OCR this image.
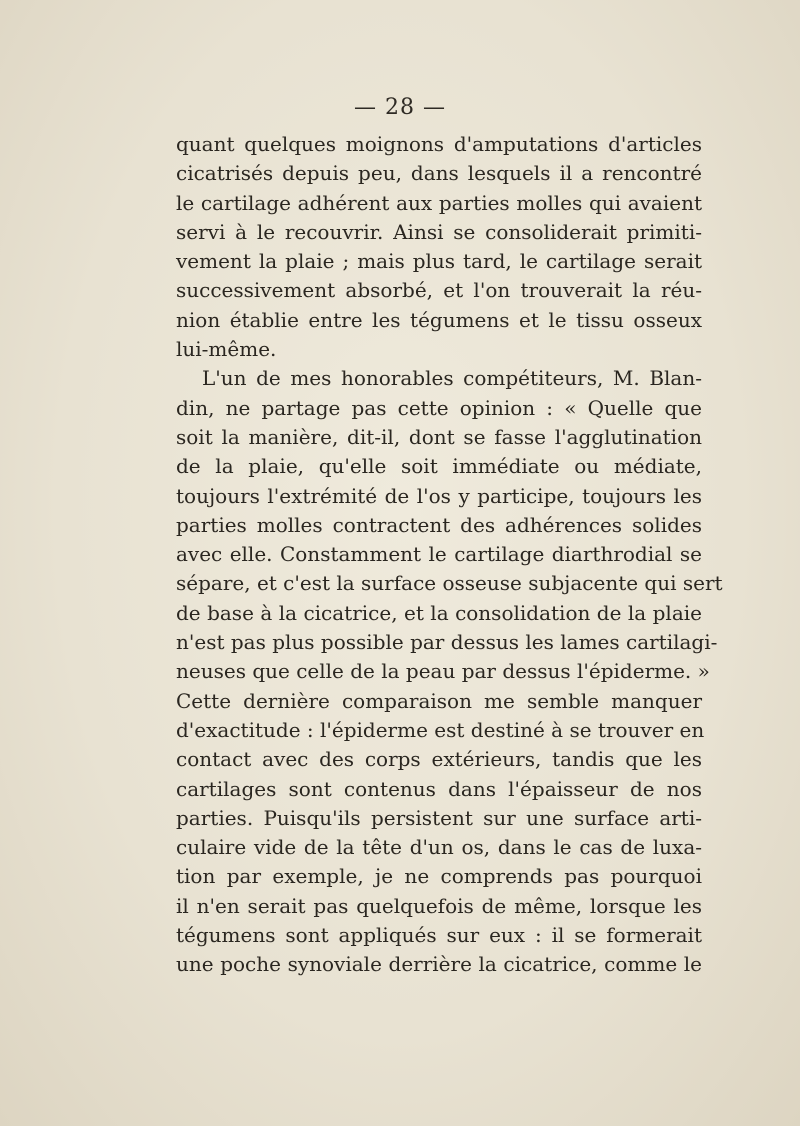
— 28 —
quant quelques moignons d'amputations d'articles
cicatrisés depuis peu, dans lesquels il a rencontré
le cartilage adhérent aux parties molles qui avaient
servi à le recouvrir. Ainsi se consoliderait primiti-
vement la plaie ; mais plus tard, le cartilage serait
successivement absorbé, et l'on trouverait la réu-
nion établie entre les tégumens et le tissu osseux
lui-même.
L'un de mes honorables compétiteurs, M. Blan-
din, ne partage pas cette opinion : « Quelle que
soit la manière, dit-il, dont se fasse l'agglutination
de la plaie, qu'elle soit immédiate ou médiate,
toujours l'extrémité de l'os y participe, toujours les
parties molles contractent des adhérences solides
avec elle. Constamment le cartilage diarthrodial se
sépare, et c'est la surface osseuse subjacente qui sert
de base à la cicatrice, et la consolidation de la plaie
n'est pas plus possible par dessus les lames cartilagi-
neuses que celle de la peau par dessus l'épiderme. »
Cette dernière comparaison me semble manquer
d'exactitude : l'épiderme est destiné à se trouver en
contact avec des corps extérieurs, tandis que les
cartilages sont contenus dans l'épaisseur de nos
parties. Puisqu'ils persistent sur une surface arti-
culaire vide de la tête d'un os, dans le cas de luxa-
tion par exemple, je ne comprends pas pourquoi
il n'en serait pas quelquefois de même, lorsque les
tégumens sont appliqués sur eux : il se formerait
une poche synoviale derrière la cicatrice, comme le
